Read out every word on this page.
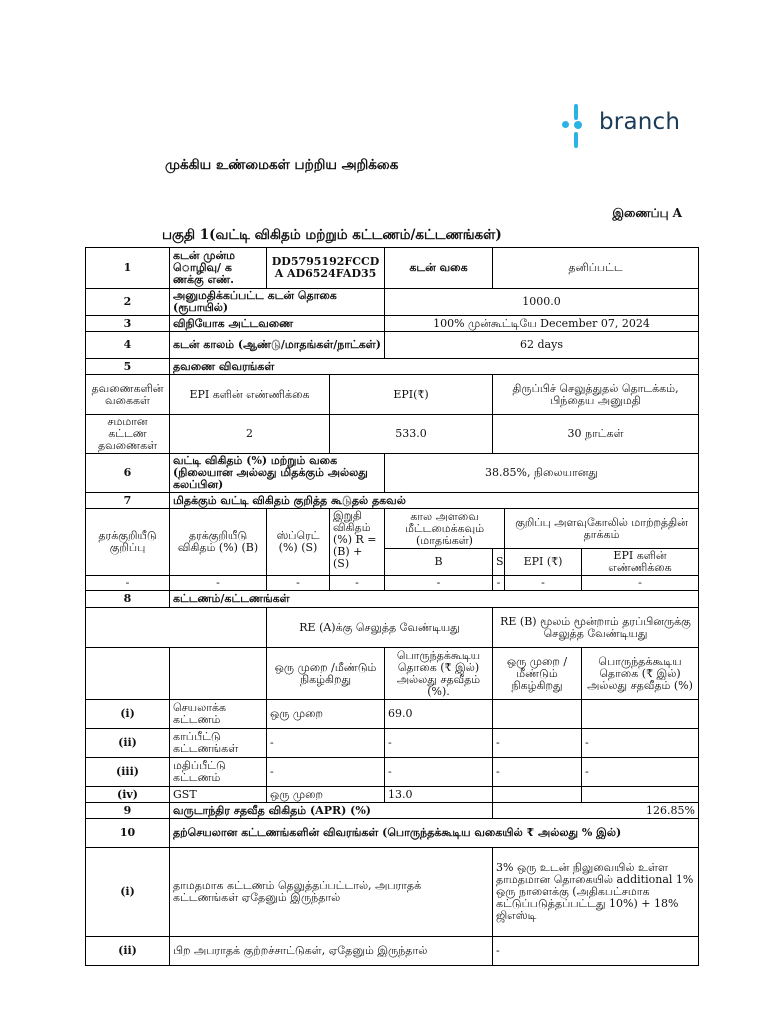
branch
முக்கிய உண்மைகள் பற்றிய அறிக்கை
இணைப்பு A
பகுதி 1(வட்டி விகிதம் மற்றும் கட்டணம்/கட்டணங்கள்)
1	கடன் முன்ம ொழிவு/ க ணக்கு எண்.	DD5795192FCCDA AD6524FAD35		கடன் வகை	தனிப்பட்ட		
2	அனுமதிக்கப்பட்ட கடன் தொகை (ரூபாயில்)			1000.0			
3	விநியோக அட்டவணை			100% முன்கூட்டியே December 07, 2024			
4	கடன் காலம் (ஆண்டு/மாதங்கள்/நாட்கள்)			62 days			
5	தவணை விவரங்கள்						
தவணைகளின் வகைகள்	EPI களின் எண்ணிக்கை		EPI(₹)		திருப்பிச் செலுத்துதல் தொடக்கம், பிந்தைய அனுமதி		
சமமான கட்டண தவணைகள்	2		533.0		30 நாட்கள்		
6	வட்டி விகிதம் (%) மற்றும் வகை (நிலையான அல்லது மிதக்கும் அல்லது கலப்பின)			38.85%, நிலையானது			
7	மிதக்கும் வட்டி விகிதம் குறித்த கூடுதல் தகவல்						
தரக்குறியீடு குறிப்பு	தரக்குறியீடு விகிதம் (%) (B)	ஸ்ப்ரெட் (%) (S)	இறுதி விகிதம் (%) R = (B) + (S)	கால அளவை மீட்டமைக்கவும் (மாதங்கள்)		குறிப்பு அளவுகோலில் மாற்றத்தின் தாக்கம்	
				B	S	EPI (₹)	EPI களின் எண்ணிக்கை
-	-	-	-	-	-	-	-
8	கட்டணம்/கட்டணங்கள்						
		RE (A)க்கு செலுத்த வேண்டியது			RE (B) மூலம் மூன்றாம் தரப்பினருக்கு செலுத்த வேண்டியது		
		ஒரு முறை /மீண்டும் நிகழ்கிறது		பொருந்தக்கூடிய தொகை (₹ இல்) அல்லது சதவீதம் (%).	ஒரு முறை /மீண்டும் நிகழ்கிறது		பொருந்தக்கூடிய தொகை (₹ இல்) அல்லது சதவீதம் (%)
(i)	செயலாக்க கட்டணம்	ஒரு முறை		69.0			
(ii)	காப்பீட்டு கட்டணங்கள்	-		-	-		-
(iii)	மதிப்பீட்டு கட்டணம்	-		-	-		-
(iv)	GST	ஒரு முறை		13.0			
9	வருடாந்திர சதவீத விகிதம் (APR) (%)				126.85%		
10	தற்செயலான கட்டணங்களின் விவரங்கள் (பொருந்தக்கூடிய வகையில் ₹ அல்லது % இல்)						
(i)	தாமதமாக கட்டணம் தெலுத்தப்பட்டால், அபராதக் கட்டணங்கள் ஏதேனும் இருந்தால்				3% ஒரு உடன் நிலுவையில் உள்ள தாமதமான தொகையில் additional 1% ஒரு நாளைக்கு (அதிகபட்சமாக கட்டுப்படுத்தப்பட்டது 10%) + 18% ஜிஎஸ்டி		
(ii)	பிற அபராதக் குற்றச்சாட்டுகள், ஏதேனும் இருந்தால்				-		
